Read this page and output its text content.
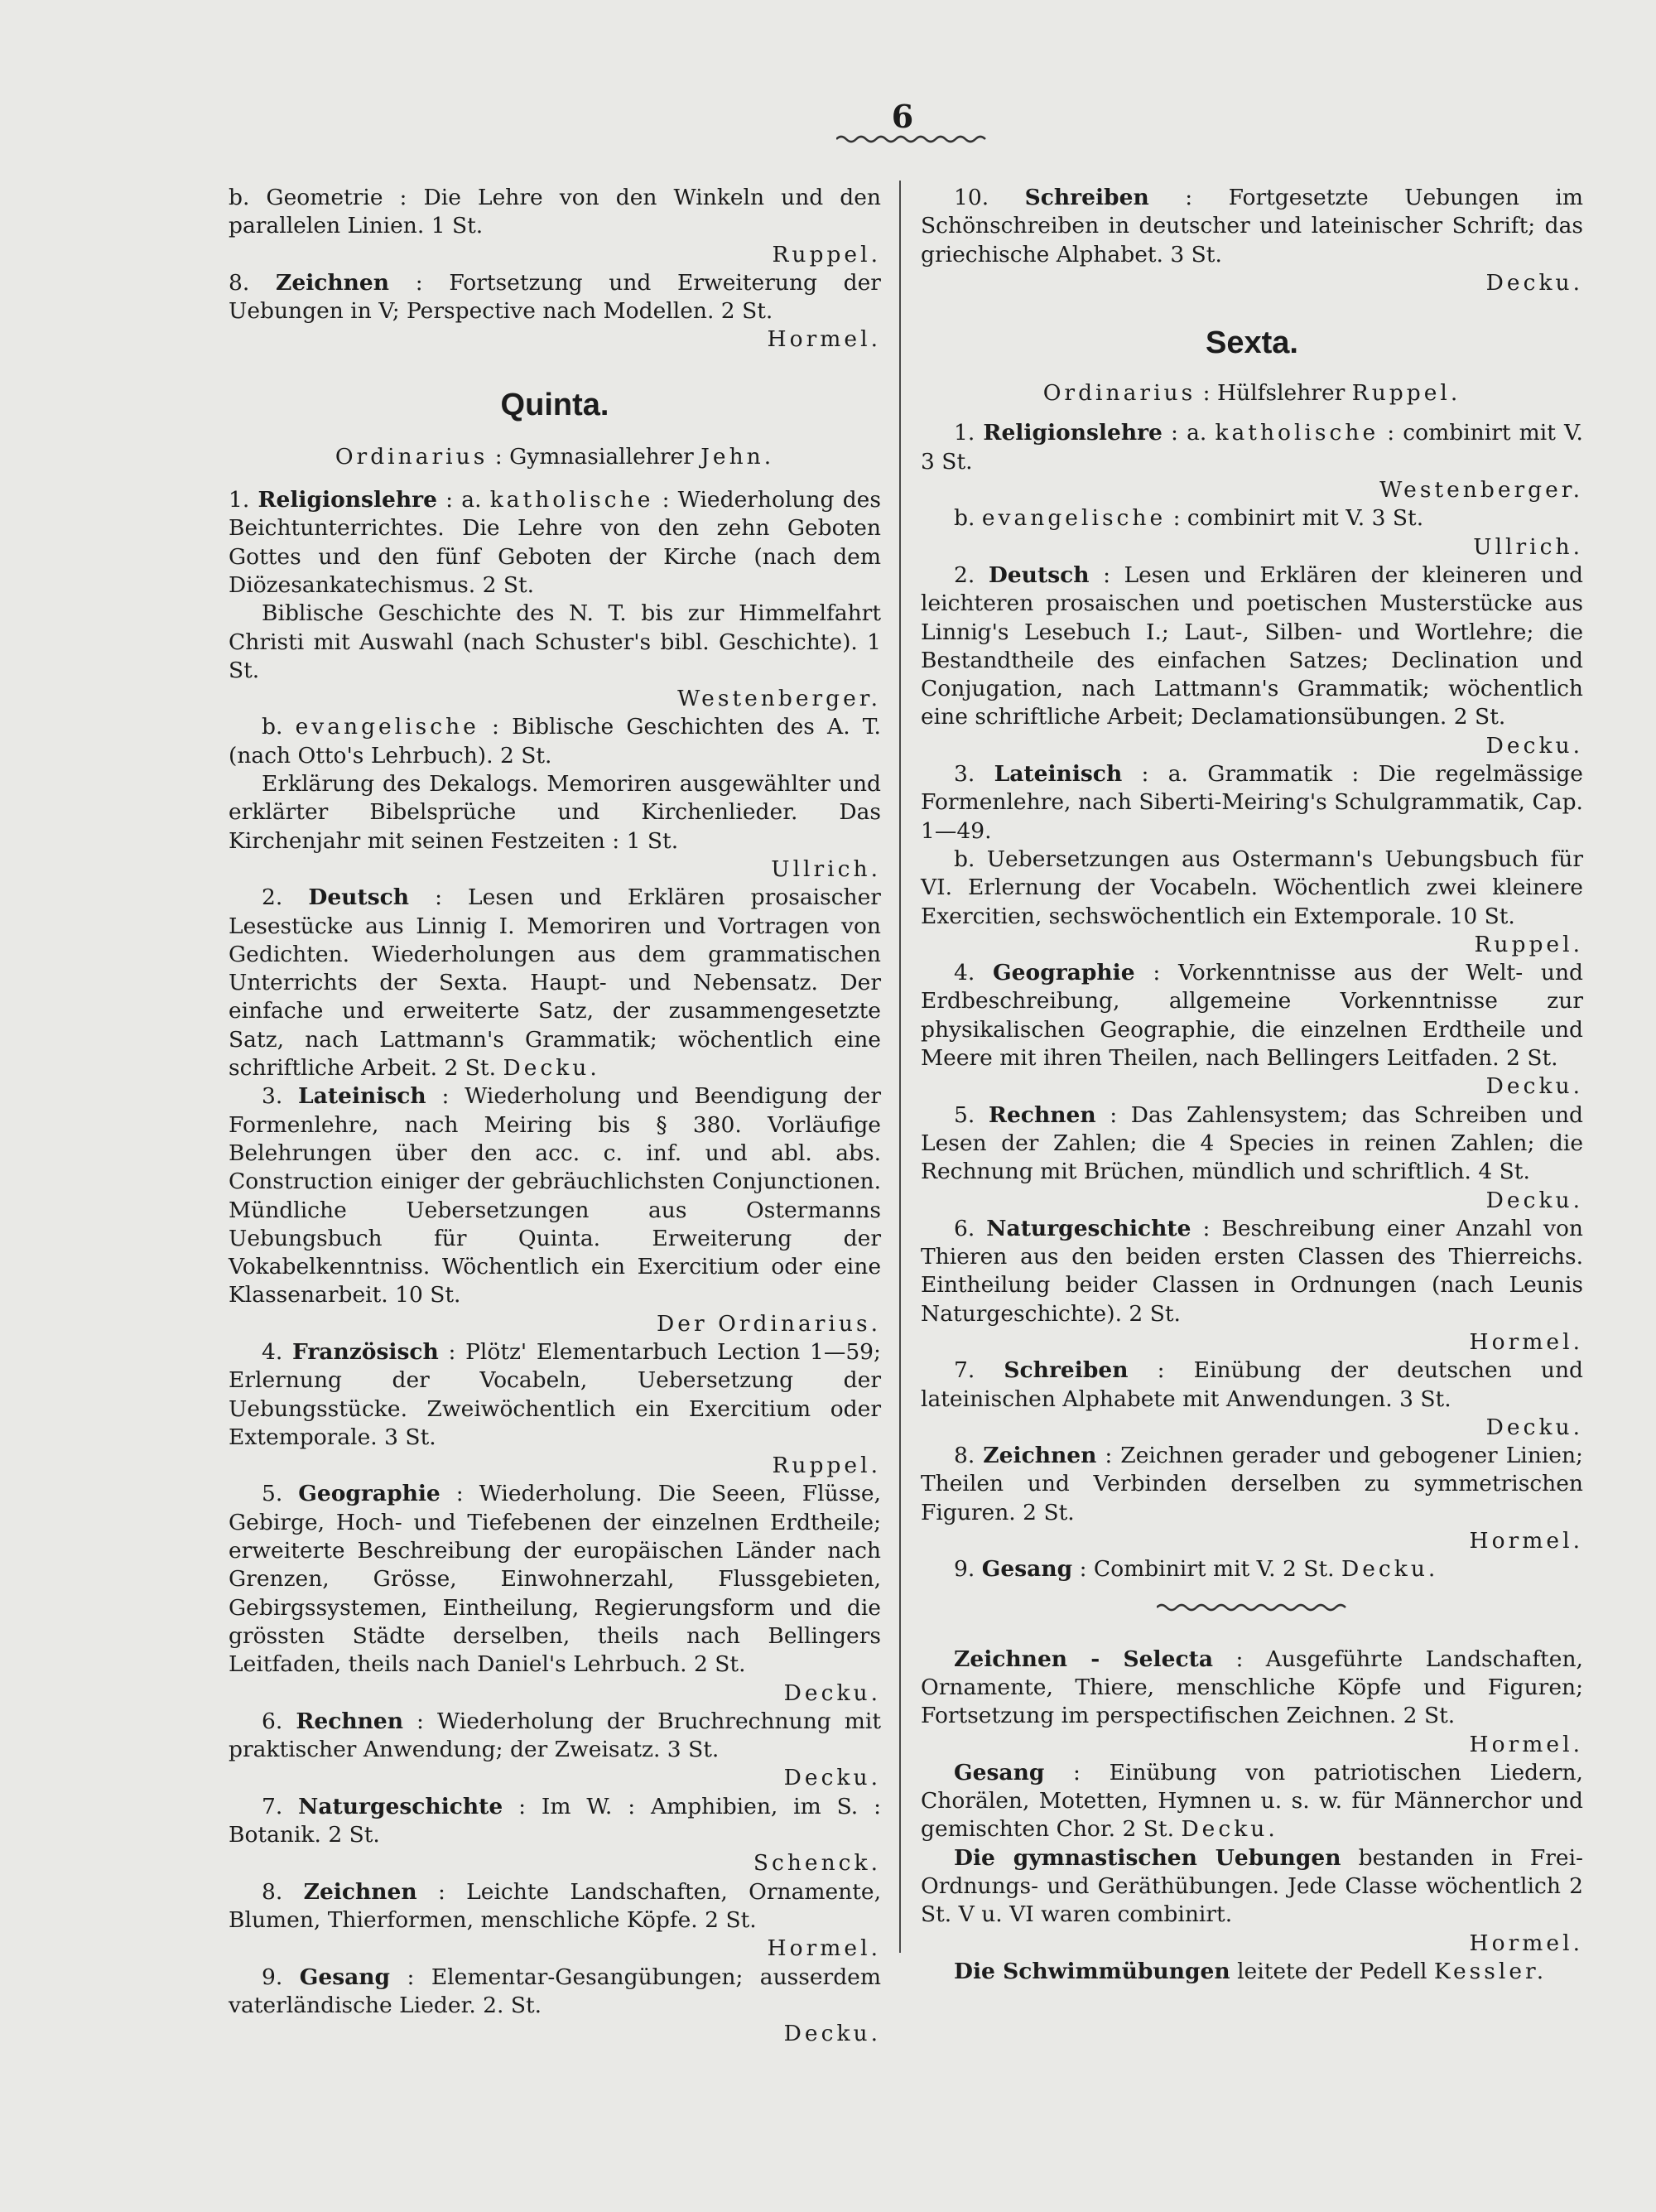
6

b. Geometrie : Die Lehre von den Winkeln und den parallelen Linien. 1 St.

Ruppel.

8. Zeichnen : Fortsetzung und Erweiterung der Uebungen in V; Perspective nach Modellen. 2 St.

Hormel.

Quinta.

Ordinarius : Gymnasiallehrer Jehn.

1. Religionslehre : a. katholische : Wiederholung des Beichtunterrichtes. Die Lehre von den zehn Geboten Gottes und den fünf Geboten der Kirche (nach dem Diözesankatechismus. 2 St.

Biblische Geschichte des N. T. bis zur Himmelfahrt Christi mit Auswahl (nach Schuster's bibl. Geschichte). 1 St.

Westenberger.

b. evangelische : Biblische Geschichten des A. T. (nach Otto's Lehrbuch). 2 St.

Erklärung des Dekalogs. Memoriren ausgewählter und erklärter Bibelsprüche und Kirchenlieder. Das Kirchenjahr mit seinen Festzeiten : 1 St.

Ullrich.

2. Deutsch : Lesen und Erklären prosaischer Lesestücke aus Linnig I. Memoriren und Vortragen von Gedichten. Wiederholungen aus dem grammatischen Unterrichts der Sexta. Haupt- und Nebensatz. Der einfache und erweiterte Satz, der zusammengesetzte Satz, nach Lattmann's Grammatik; wöchentlich eine schriftliche Arbeit. 2 St. Decku.

3. Lateinisch : Wiederholung und Beendigung der Formenlehre, nach Meiring bis § 380. Vorläufige Belehrungen über den acc. c. inf. und abl. abs. Construction einiger der gebräuchlichsten Conjunctionen. Mündliche Uebersetzungen aus Ostermanns Uebungsbuch für Quinta. Erweiterung der Vokabelkenntniss. Wöchentlich ein Exercitium oder eine Klassenarbeit. 10 St.

Der Ordinarius.

4. Französisch : Plötz' Elementarbuch Lection 1—59; Erlernung der Vocabeln, Uebersetzung der Uebungsstücke. Zweiwöchentlich ein Exercitium oder Extemporale. 3 St.

Ruppel.

5. Geographie : Wiederholung. Die Seeen, Flüsse, Gebirge, Hoch- und Tiefebenen der einzelnen Erdtheile; erweiterte Beschreibung der europäischen Länder nach Grenzen, Grösse, Einwohnerzahl, Flussgebieten, Gebirgssystemen, Eintheilung, Regierungsform und die grössten Städte derselben, theils nach Bellingers Leitfaden, theils nach Daniel's Lehrbuch. 2 St.

Decku.

6. Rechnen : Wiederholung der Bruchrechnung mit praktischer Anwendung; der Zweisatz. 3 St.

Decku.

7. Naturgeschichte : Im W. : Amphibien, im S. : Botanik. 2 St.

Schenck.

8. Zeichnen : Leichte Landschaften, Ornamente, Blumen, Thierformen, menschliche Köpfe. 2 St.

Hormel.

9. Gesang : Elementar-Gesangübungen; ausserdem vaterländische Lieder. 2. St.

Decku.

10. Schreiben : Fortgesetzte Uebungen im Schönschreiben in deutscher und lateinischer Schrift; das griechische Alphabet. 3 St.

Decku.

Sexta.

Ordinarius : Hülfslehrer Ruppel.

1. Religionslehre : a. katholische : combinirt mit V. 3 St.

Westenberger.

b. evangelische : combinirt mit V. 3 St.

Ullrich.

2. Deutsch : Lesen und Erklären der kleineren und leichteren prosaischen und poetischen Musterstücke aus Linnig's Lesebuch I.; Laut-, Silben- und Wortlehre; die Bestandtheile des einfachen Satzes; Declination und Conjugation, nach Lattmann's Grammatik; wöchentlich eine schriftliche Arbeit; Declamationsübungen. 2 St.

Decku.

3. Lateinisch : a. Grammatik : Die regelmässige Formenlehre, nach Siberti-Meiring's Schulgrammatik, Cap. 1—49.

b. Uebersetzungen aus Ostermann's Uebungsbuch für VI. Erlernung der Vocabeln. Wöchentlich zwei kleinere Exercitien, sechswöchentlich ein Extemporale. 10 St.

Ruppel.

4. Geographie : Vorkenntnisse aus der Welt- und Erdbeschreibung, allgemeine Vorkenntnisse zur physikalischen Geographie, die einzelnen Erdtheile und Meere mit ihren Theilen, nach Bellingers Leitfaden. 2 St.

Decku.

5. Rechnen : Das Zahlensystem; das Schreiben und Lesen der Zahlen; die 4 Species in reinen Zahlen; die Rechnung mit Brüchen, mündlich und schriftlich. 4 St.

Decku.

6. Naturgeschichte : Beschreibung einer Anzahl von Thieren aus den beiden ersten Classen des Thierreichs. Eintheilung beider Classen in Ordnungen (nach Leunis Naturgeschichte). 2 St.

Hormel.

7. Schreiben : Einübung der deutschen und lateinischen Alphabete mit Anwendungen. 3 St.

Decku.

8. Zeichnen : Zeichnen gerader und gebogener Linien; Theilen und Verbinden derselben zu symmetrischen Figuren. 2 St.

Hormel.

9. Gesang : Combinirt mit V. 2 St. Decku.

Zeichnen - Selecta : Ausgeführte Landschaften, Ornamente, Thiere, menschliche Köpfe und Figuren; Fortsetzung im perspectifischen Zeichnen. 2 St.

Hormel.

Gesang : Einübung von patriotischen Liedern, Chorälen, Motetten, Hymnen u. s. w. für Männerchor und gemischten Chor. 2 St. Decku.

Die gymnastischen Uebungen bestanden in Frei-Ordnungs- und Geräthübungen. Jede Classe wöchentlich 2 St. V u. VI waren combinirt.

Hormel.

Die Schwimmübungen leitete der Pedell Kessler.
